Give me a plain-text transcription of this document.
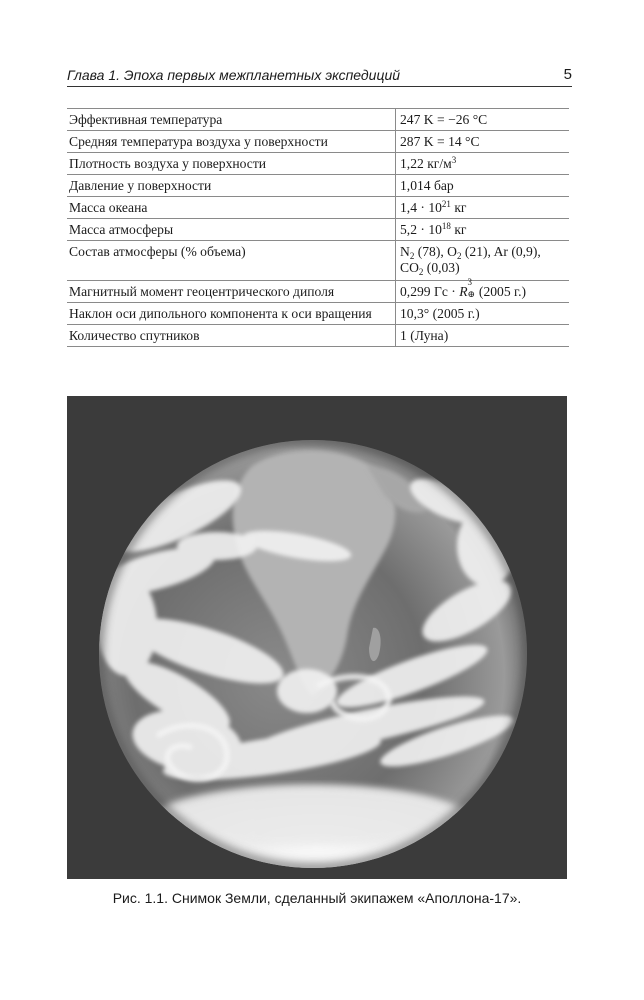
Глава 1. Эпоха первых межпланетных экспедиций	5
Эффективная температура	247 K = −26 °C
Средняя температура воздуха у поверхности	287 K = 14 °C
Плотность воздуха у поверхности	1,22 $кг/м^3$
Давление у поверхности	1,014 бар
Масса океана	$1,4 \cdot 10^{21}$ кг
Масса атмосферы	$5,2 \cdot 10^{18}$ кг
Состав атмосферы (% объема)	$N_2$ (78), $O_2$ (21), Ar (0,9),
$CO_2$ (0,03)
Магнитный момент геоцентрического диполя	0,299 Гс · R
3
⊕ (2005 г.)
Наклон оси дипольного компонента к оси вращения	10,3° (2005 г.)
Количество спутников	1 (Луна)
Рис. 1.1. Снимок Земли, сделанный экипажем «Аполлона-17».
